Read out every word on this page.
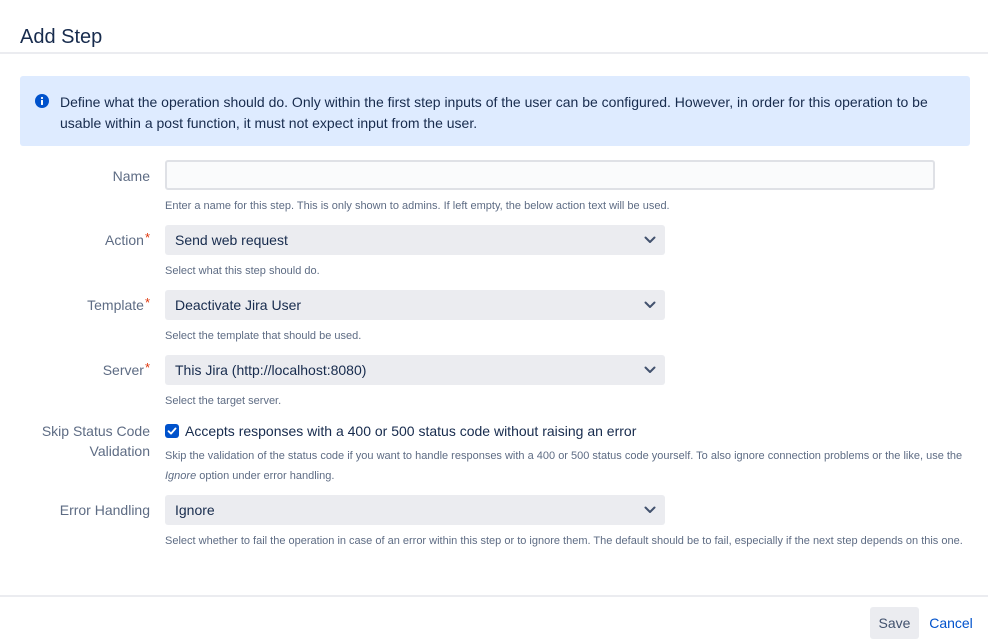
Add Step
Define what the operation should do. Only within the first step inputs of the user can be configured. However, in order for this operation to be usable within a post function, it must not expect input from the user.
Name
Enter a name for this step. This is only shown to admins. If left empty, the below action text will be used.
Action* Send web request
Select what this step should do.
Template* Deactivate Jira User
Select the template that should be used.
Server* This Jira (http://localhost:8080)
Select the target server.
Skip Status Code Validation
Accepts responses with a 400 or 500 status code without raising an error
Skip the validation of the status code if you want to handle responses with a 400 or 500 status code yourself. To also ignore connection problems or the like, use the Ignore option under error handling.
Error Handling Ignore
Select whether to fail the operation in case of an error within this step or to ignore them. The default should be to fail, especially if the next step depends on this one.
Save	Cancel
